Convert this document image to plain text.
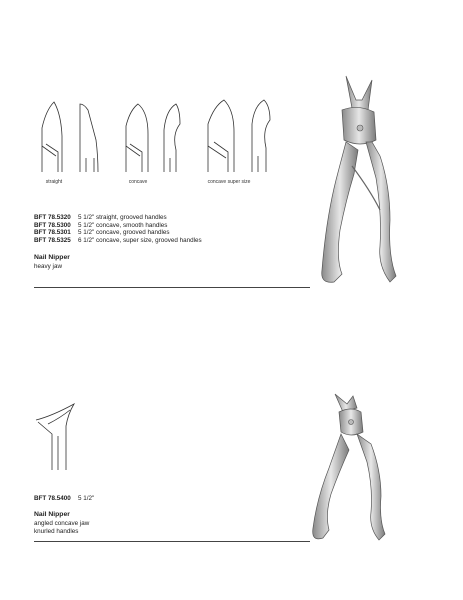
straight	concave	concave super size
BFT 78.5320 5 1/2" straight, grooved handles
BFT 78.5300 5 1/2" concave, smooth handles
BFT 78.5301 5 1/2" concave, grooved handles
BFT 78.5325 6 1/2" concave, super size, grooved handles
Nail Nipper
heavy jaw
BFT 78.5400 5 1/2"
Nail Nipper
angled concave jaw
knurled handles
